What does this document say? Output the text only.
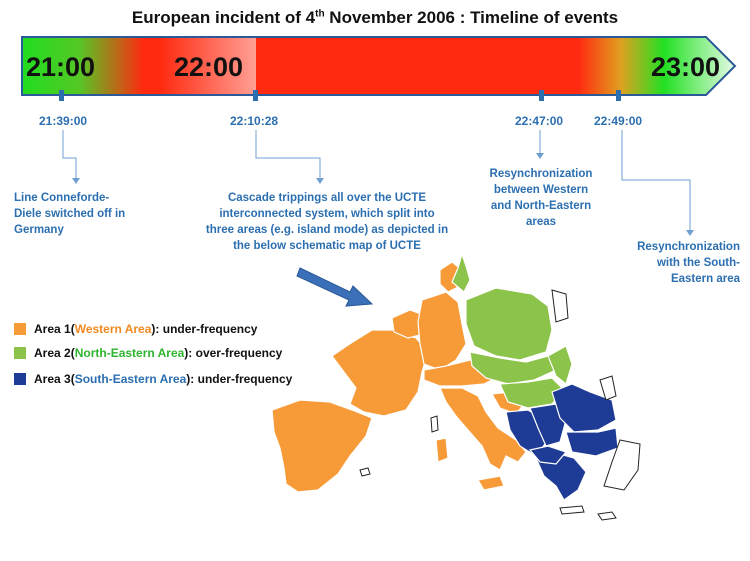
European incident of 4th November 2006 : Timeline of events
21:00	22:00	23:00
21:39:00	22:10:28	22:47:00	22:49:00
Line Conneforde-
Diele switched off in
Germany
Cascade trippings all over the UCTE
interconnected system, which split into
three areas (e.g. island mode) as depicted in
the below schematic map of UCTE
Resynchronization
between Western
and North-Eastern
areas
Resynchronization
with the South-
Eastern area
Area 1 ( Western Area ) : under-frequency
Area 2 ( North-Eastern Area ) : over-frequency
Area 3 ( South-Eastern Area ) : under-frequency
